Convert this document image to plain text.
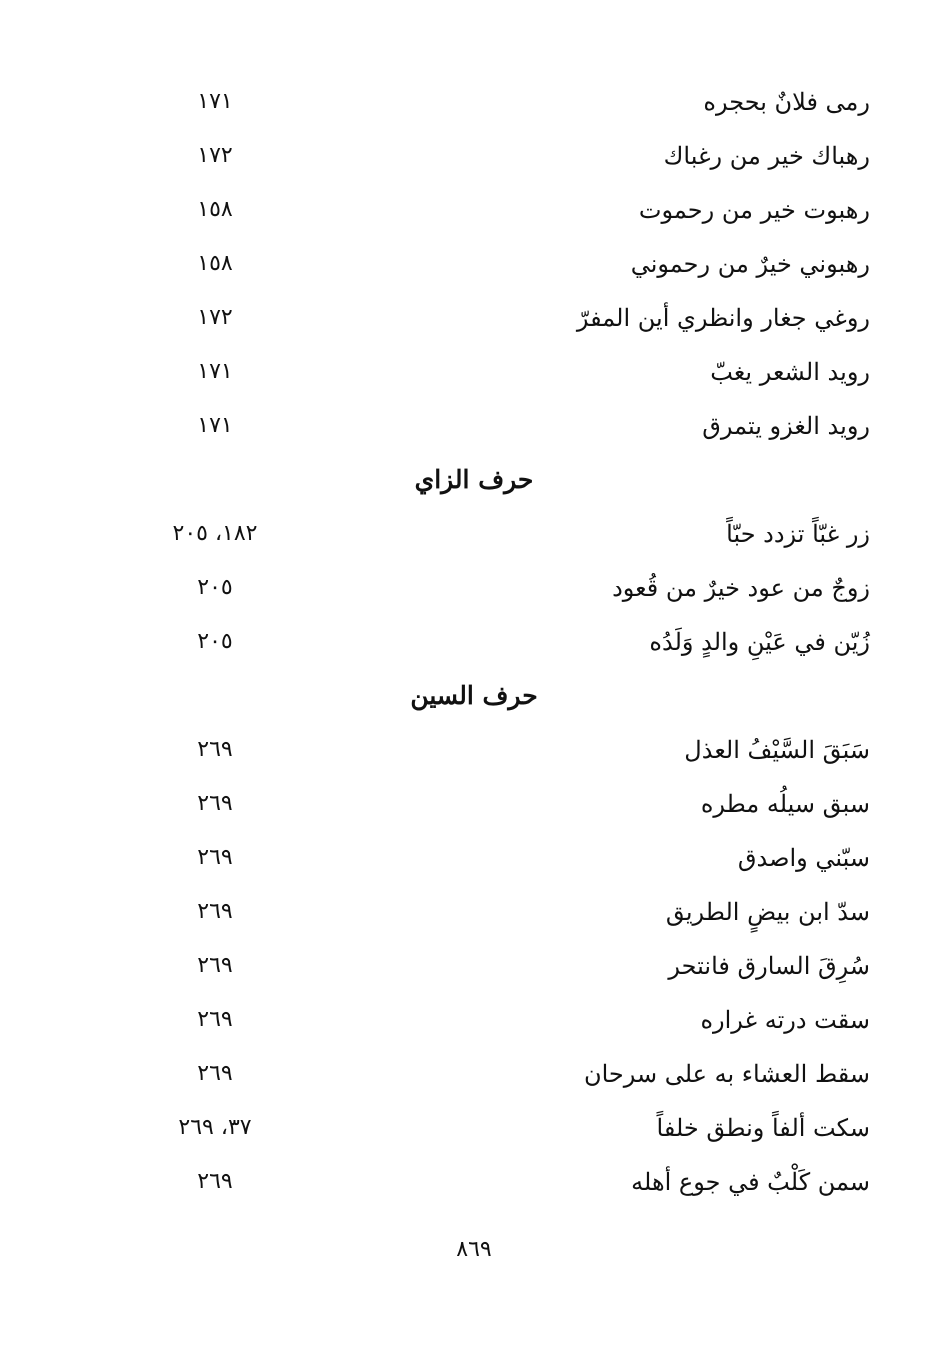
رمى فلانٌ بحجره
١٧١
رهباك خير من رغباك
١٧٢
رهبوت خير من رحموت
١٥٨
رهبوني خيرٌ من رحموني
١٥٨
روغي جغار وانظري أين المفرّ
١٧٢
رويد الشعر يغبّ
١٧١
رويد الغزو يتمرق
١٧١
حرف الزاي
زر غبّاً تزدد حبّاً
١٨٢، ٢٠٥
زوجٌ من عود خيرٌ من قُعود
٢٠٥
زُيّن في عَيْنِ والدٍ وَلَدُه
٢٠٥
حرف السين
سَبَقَ السَّيْفُ العذل
٢٦٩
سبق سيلُه مطره
٢٦٩
سبّني واصدق
٢٦٩
سدّ ابن بيضٍ الطريق
٢٦٩
سُرِقَ السارق فانتحر
٢٦٩
سقت درته غراره
٢٦٩
سقط العشاء به على سرحان
٢٦٩
سكت ألفاً ونطق خلفاً
٣٧، ٢٦٩
سمن كَلْبٌ في جوع أهله
٢٦٩
٨٦٩
